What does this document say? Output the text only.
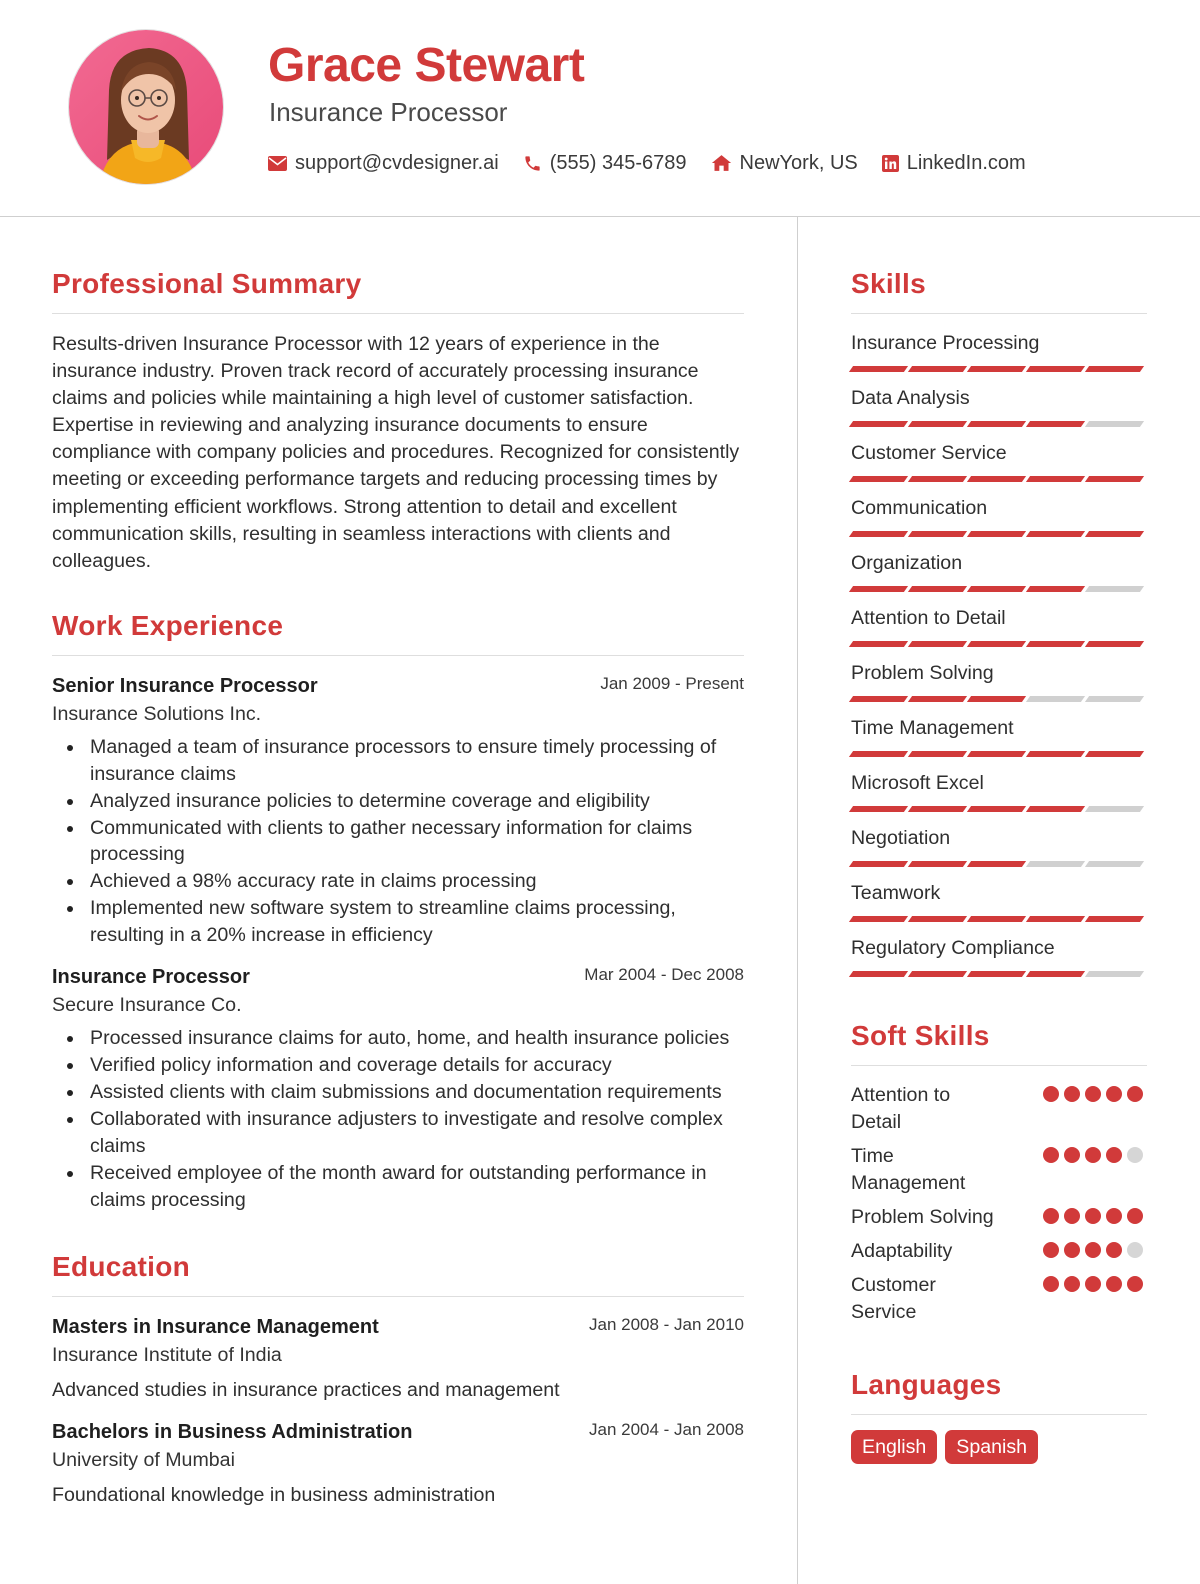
Grace Stewart
Insurance Processor
support@cvdesigner.ai	(555) 345-6789	NewYork, US LinkedIn.com
Professional Summary

Results-driven Insurance Processor with 12 years of experience in the insurance industry. Proven track record of accurately processing insurance claims and policies while maintaining a high level of customer satisfaction. Expertise in reviewing and analyzing insurance documents to ensure compliance with company policies and procedures. Recognized for consistently meeting or exceeding performance targets and reducing processing times by implementing efficient workflows. Strong attention to detail and excellent communication skills, resulting in seamless interactions with clients and colleagues.

Work Experience
Senior Insurance Processor	Jan 2009 - Present
Insurance Solutions Inc.
Managed a team of insurance processors to ensure timely processing of insurance claims
Analyzed insurance policies to determine coverage and eligibility
Communicated with clients to gather necessary information for claims processing
Achieved a 98% accuracy rate in claims processing
Implemented new software system to streamline claims processing, resulting in a 20% increase in efficiency
Insurance Processor	Mar 2004 - Dec 2008
Secure Insurance Co.
Processed insurance claims for auto, home, and health insurance policies
Verified policy information and coverage details for accuracy
Assisted clients with claim submissions and documentation requirements
Collaborated with insurance adjusters to investigate and resolve complex claims
Received employee of the month award for outstanding performance in claims processing
Education
Masters in Insurance Management	Jan 2008 - Jan 2010
Insurance Institute of India
Advanced studies in insurance practices and management
Bachelors in Business Administration	Jan 2004 - Jan 2008
University of Mumbai
Foundational knowledge in business administration
Skills
Insurance Processing
Data Analysis
Customer Service
Communication
Organization
Attention to Detail
Problem Solving
Time Management
Microsoft Excel
Negotiation
Teamwork
Regulatory Compliance
Soft Skills
Attention to Detail
Time Management
Problem Solving
Adaptability
Customer Service
Languages
English	Spanish
